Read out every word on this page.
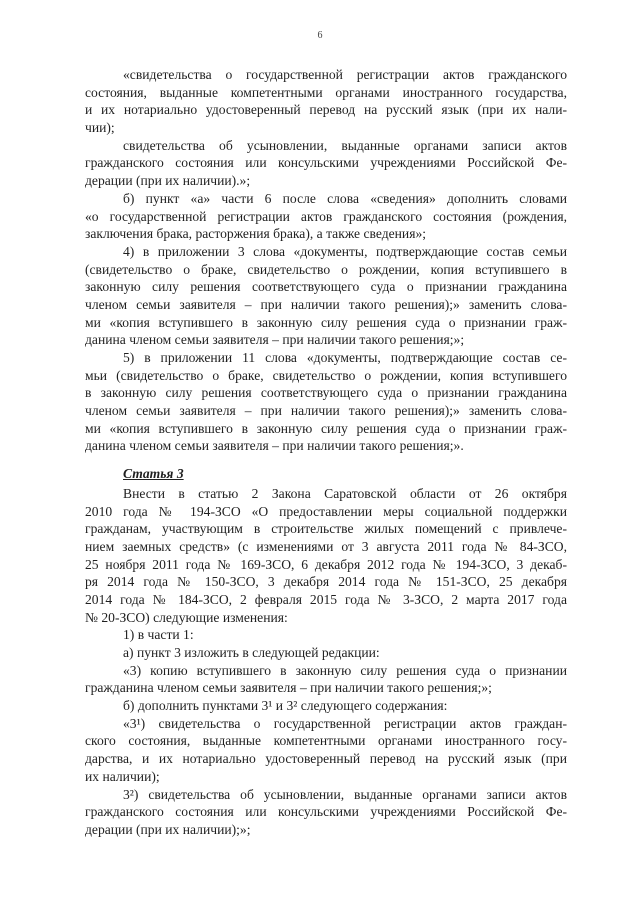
6
«свидетельства о государственной регистрации актов гражданского
состояния, выданные компетентными органами иностранного государства,
и их нотариально удостоверенный перевод на русский язык (при их нали-
чии);
свидетельства об усыновлении, выданные органами записи актов
гражданского состояния или консульскими учреждениями Российской Фе-
дерации (при их наличии).»;
б) пункт «а» части 6 после слова «сведения» дополнить словами
«о государственной регистрации актов гражданского состояния (рождения,
заключения брака, расторжения брака), а также сведения»;
4) в приложении 3 слова «документы, подтверждающие состав семьи
(свидетельство о браке, свидетельство о рождении, копия вступившего в
законную силу решения соответствующего суда о признании гражданина
членом семьи заявителя – при наличии такого решения);» заменить слова-
ми «копия вступившего в законную силу решения суда о признании граж-
данина членом семьи заявителя – при наличии такого решения;»;
5) в приложении 11 слова «документы, подтверждающие состав се-
мьи (свидетельство о браке, свидетельство о рождении, копия вступившего
в законную силу решения соответствующего суда о признании гражданина
членом семьи заявителя – при наличии такого решения);» заменить слова-
ми «копия вступившего в законную силу решения суда о признании граж-
данина членом семьи заявителя – при наличии такого решения;».
Статья 3
Внести в статью 2 Закона Саратовской области от 26 октября
2010 года № 194-ЗСО «О предоставлении меры социальной поддержки
гражданам, участвующим в строительстве жилых помещений с привлече-
нием заемных средств» (с изменениями от 3 августа 2011 года № 84-ЗСО,
25 ноября 2011 года № 169-ЗСО, 6 декабря 2012 года № 194-ЗСО, 3 декаб-
ря 2014 года № 150-ЗСО, 3 декабря 2014 года № 151-ЗСО, 25 декабря
2014 года № 184-ЗСО, 2 февраля 2015 года № 3-ЗСО, 2 марта 2017 года
№ 20-ЗСО) следующие изменения:
1) в части 1:
а) пункт 3 изложить в следующей редакции:
«3) копию вступившего в законную силу решения суда о признании
гражданина членом семьи заявителя – при наличии такого решения;»;
б) дополнить пунктами 3¹ и 3² следующего содержания:
«3¹) свидетельства о государственной регистрации актов граждан-
ского состояния, выданные компетентными органами иностранного госу-
дарства, и их нотариально удостоверенный перевод на русский язык (при
их наличии);
3²) свидетельства об усыновлении, выданные органами записи актов
гражданского состояния или консульскими учреждениями Российской Фе-
дерации (при их наличии);»;
